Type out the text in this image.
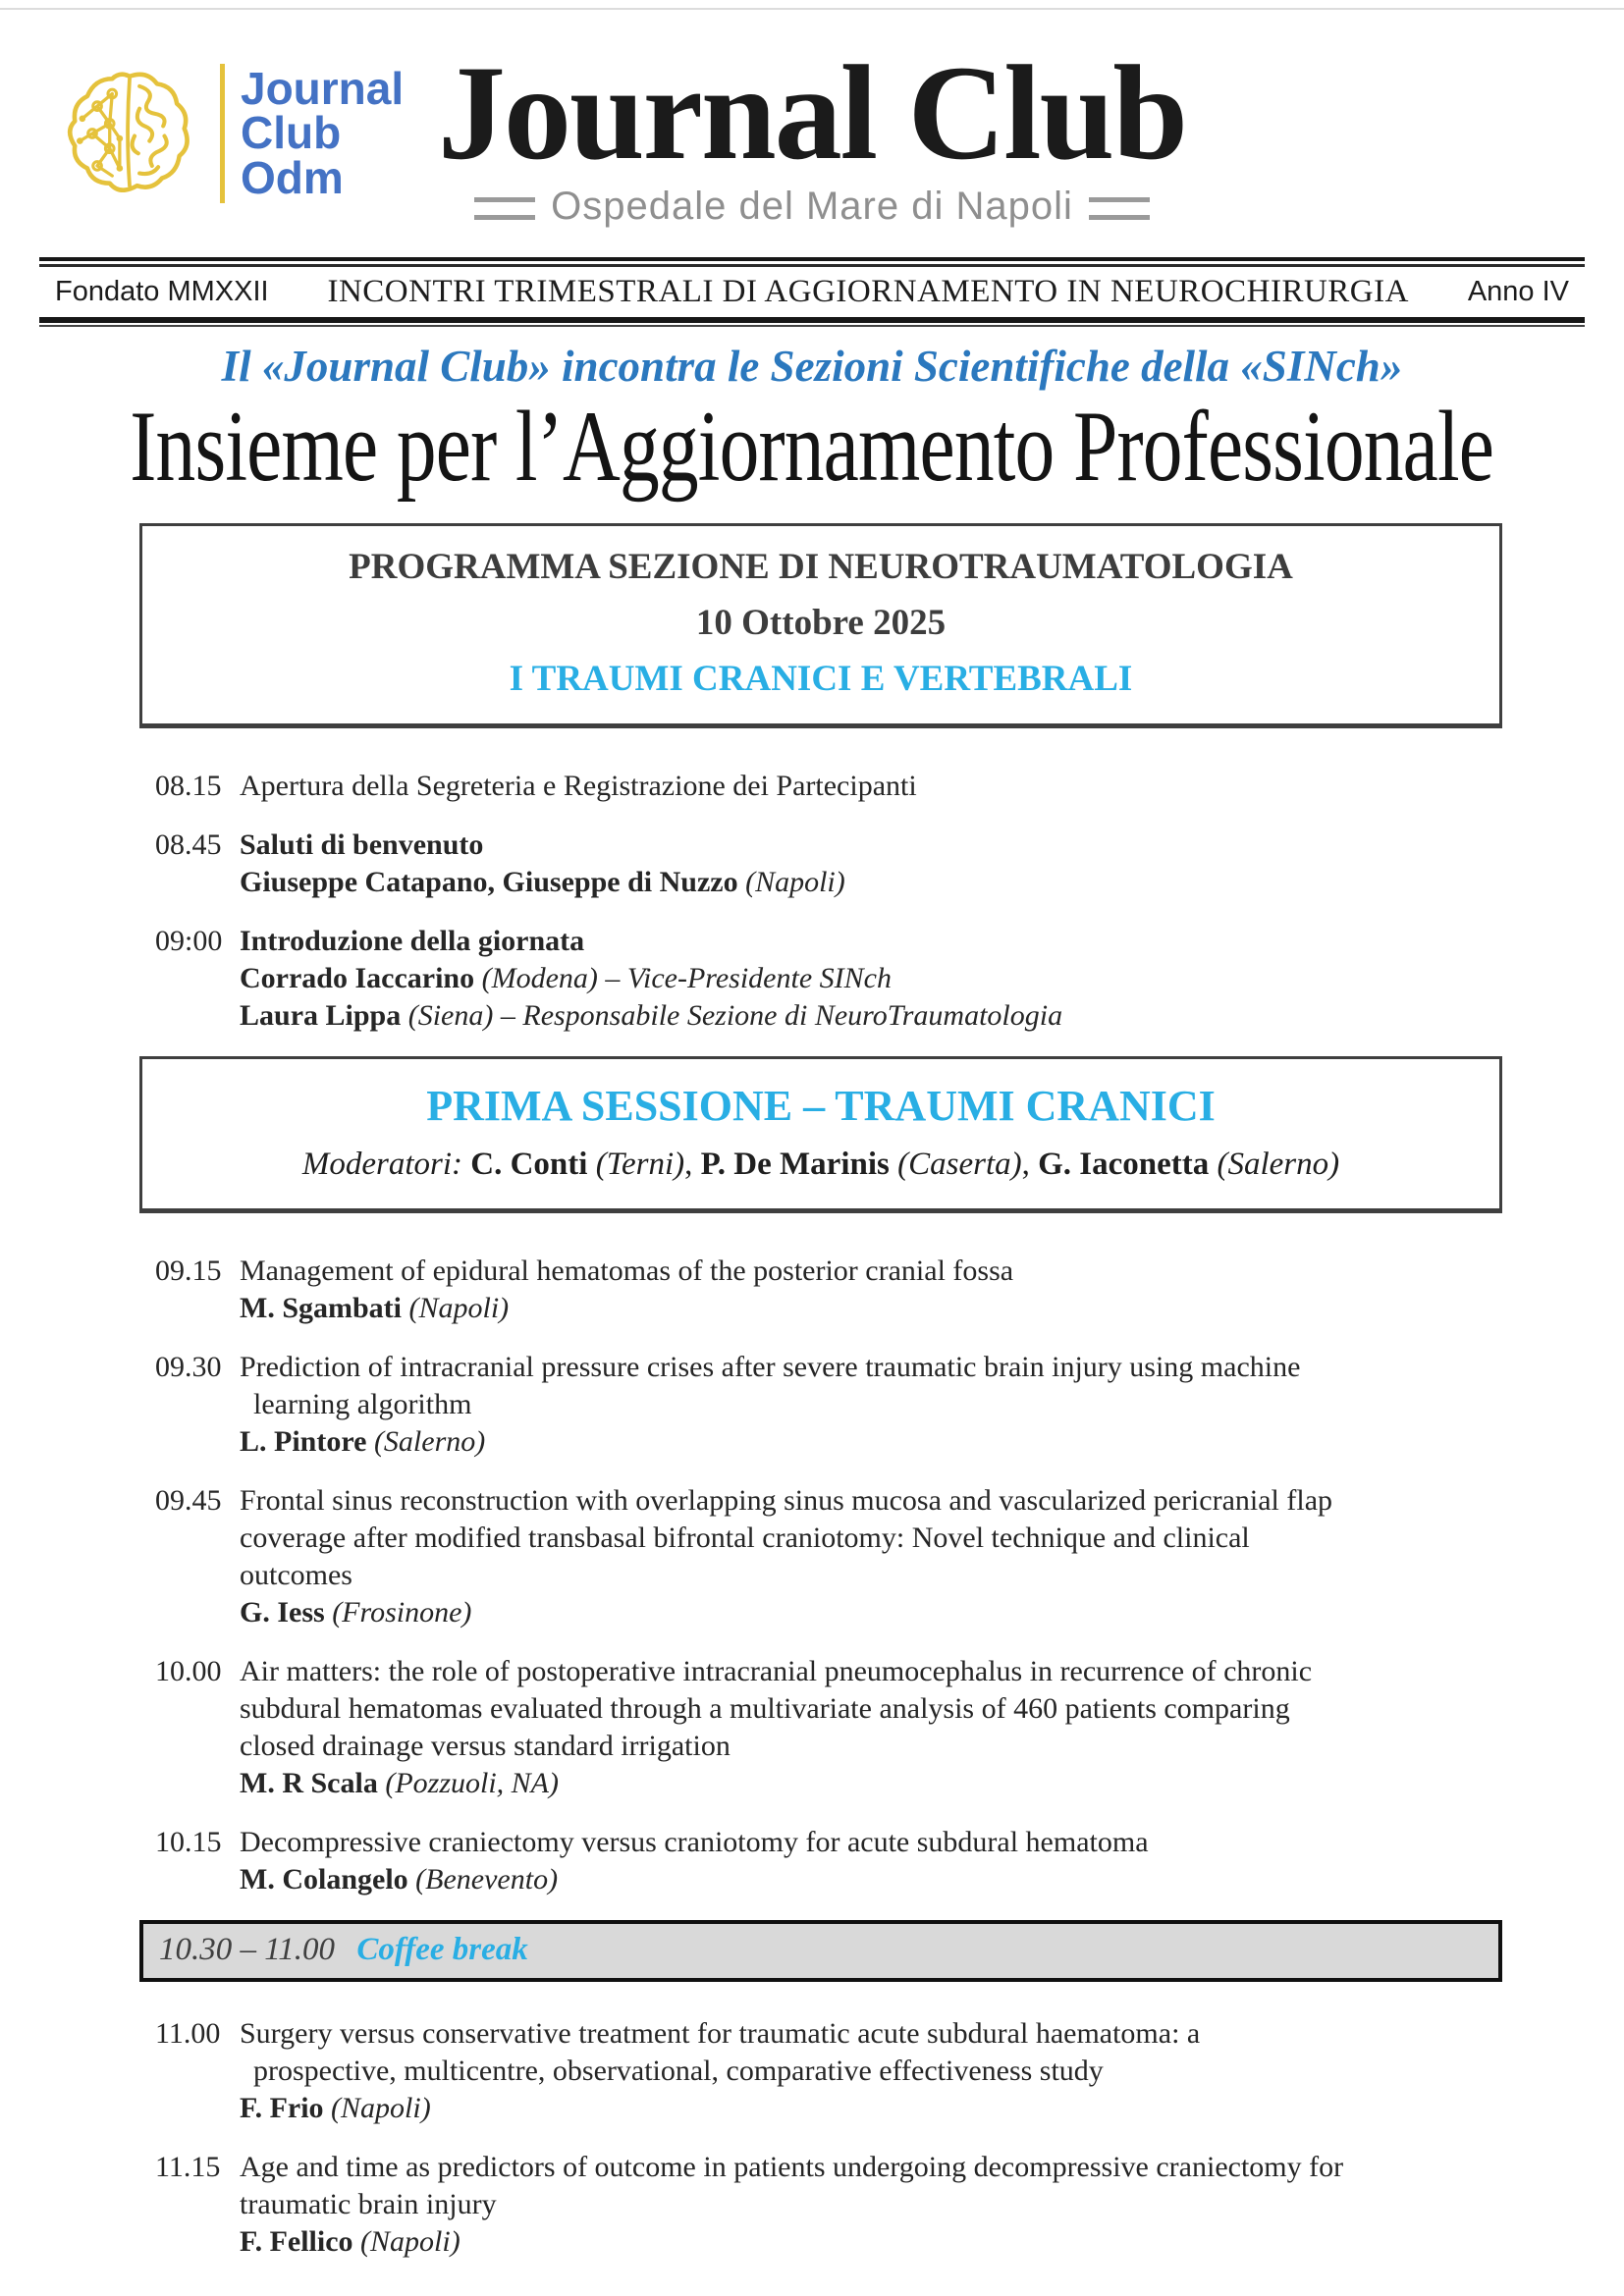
Journal
Club
Odm Journal Club
Ospedale del Mare di Napoli
Fondato MMXXII	INCONTRI TRIMESTRALI DI AGGIORNAMENTO IN NEUROCHIRURGIA	Anno IV
Il «Journal Club» incontra le Sezioni Scientifiche della «SINch»
Insieme per l’Aggiornamento Professionale
PROGRAMMA SEZIONE DI NEUROTRAUMATOLOGIA
10 Ottobre 2025
I TRAUMI CRANICI E VERTEBRALI
08.15 Apertura della Segreteria e Registrazione dei Partecipanti
08.45 Saluti di benvenuto
Giuseppe Catapano, Giuseppe di Nuzzo (Napoli)
09:00 Introduzione della giornata
Corrado Iaccarino (Modena) – Vice-Presidente SINch
Laura Lippa (Siena) – Responsabile Sezione di NeuroTraumatologia
PRIMA SESSIONE – TRAUMI CRANICI
Moderatori: C. Conti (Terni), P. De Marinis (Caserta), G. Iaconetta (Salerno)
09.15 Management of epidural hematomas of the posterior cranial fossa
M. Sgambati (Napoli)
09.30 Prediction of intracranial pressure crises after severe traumatic brain injury using machine
learning algorithm
L. Pintore (Salerno)
09.45 Frontal sinus reconstruction with overlapping sinus mucosa and vascularized pericranial flap
coverage after modified transbasal bifrontal craniotomy: Novel technique and clinical
outcomes
G. Iess (Frosinone)
10.00 Air matters: the role of postoperative intracranial pneumocephalus in recurrence of chronic
subdural hematomas evaluated through a multivariate analysis of 460 patients comparing
closed drainage versus standard irrigation
M. R Scala (Pozzuoli, NA)
10.15 Decompressive craniectomy versus craniotomy for acute subdural hematoma
M. Colangelo (Benevento)
10.30 – 11.00 Coffee break
11.00 Surgery versus conservative treatment for traumatic acute subdural haematoma: a
prospective, multicentre, observational, comparative effectiveness study
F. Frio (Napoli)
11.15 Age and time as predictors of outcome in patients undergoing decompressive craniectomy for
traumatic brain injury
F. Fellico (Napoli)
